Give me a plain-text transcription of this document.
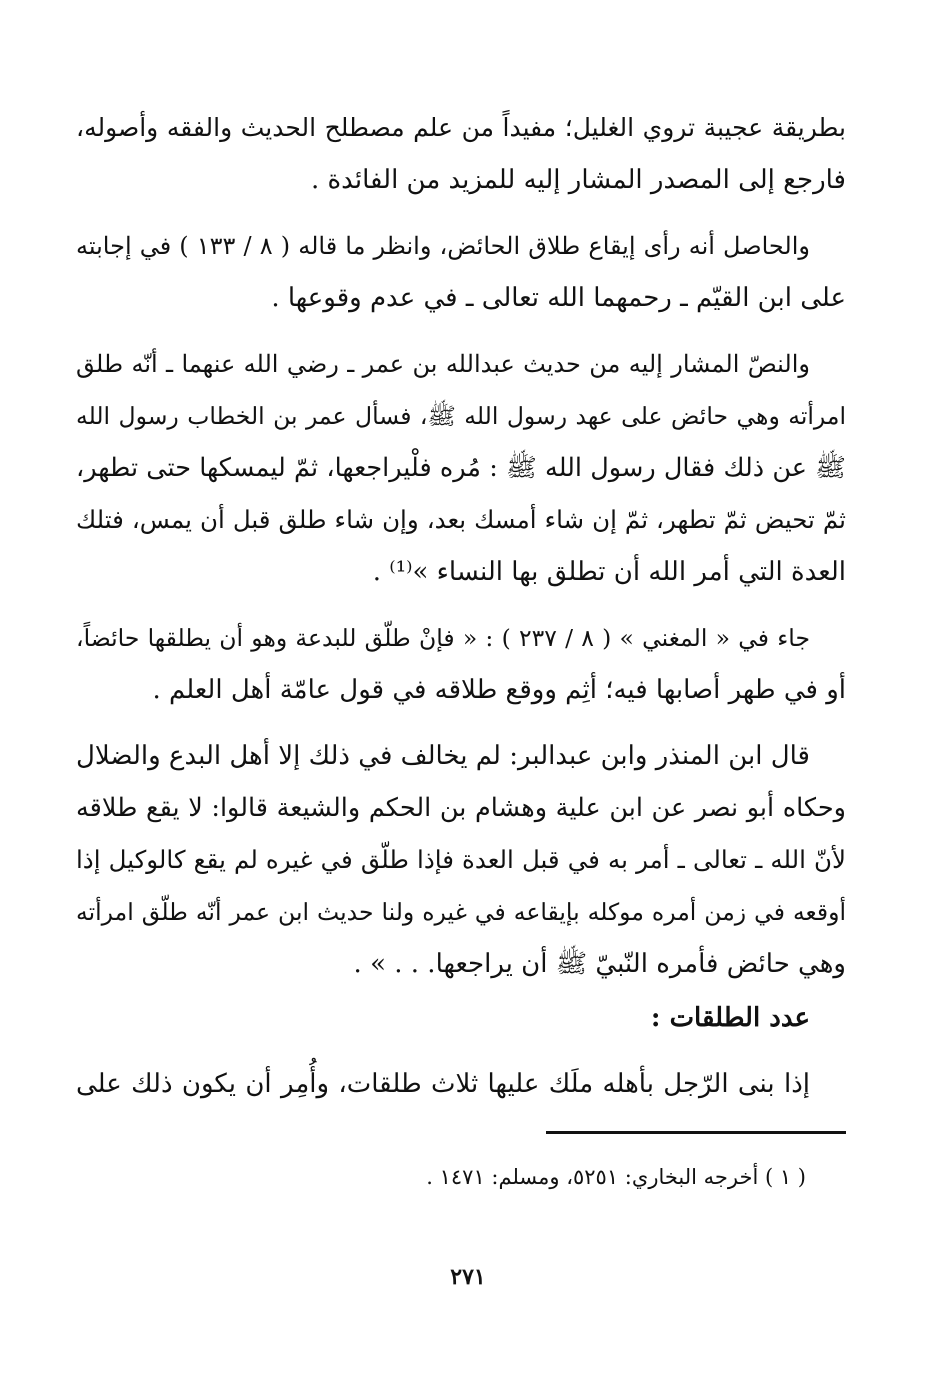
بطريقة عجيبة تروي الغليل؛ مفيداً من علم مصطلح الحديث والفقه وأصوله،
فارجع إلى المصدر المشار إليه للمزيد من الفائدة .
والحاصل أنه رأى إيقاع طلاق الحائض، وانظر ما قاله ( ٨ / ١٣٣ ) في إجابته
على ابن القيّم ـ رحمهما الله تعالى ـ في عدم وقوعها .
والنصّ المشار إليه من حديث عبدالله بن عمر ـ رضي الله عنهما ـ أنّه طلق
امرأته وهي حائض على عهد رسول الله ﷺ، فسأل عمر بن الخطاب رسول الله
ﷺ عن ذلك فقال رسول الله ﷺ : مُره فلْيراجعها، ثمّ ليمسكها حتى تطهر،
ثمّ تحيض ثمّ تطهر، ثمّ إن شاء أمسك بعد، وإن شاء طلق قبل أن يمس، فتلك
العدة التي أمر الله أن تطلق بها النساء »⁽¹⁾ .
جاء في « المغني » ( ٨ / ٢٣٧ ) : « فإنْ طلّق للبدعة وهو أن يطلقها حائضاً،
أو في طهر أصابها فيه؛ أثِم ووقع طلاقه في قول عامّة أهل العلم .
قال ابن المنذر وابن عبدالبر: لم يخالف في ذلك إلا أهل البدع والضلال
وحكاه أبو نصر عن ابن علية وهشام بن الحكم والشيعة قالوا: لا يقع طلاقه
لأنّ الله ـ تعالى ـ أمر به في قبل العدة فإذا طلّق في غيره لم يقع كالوكيل إذا
أوقعه في زمن أمره موكله بإيقاعه في غيره ولنا حديث ابن عمر أنّه طلّق امرأته
وهي حائض فأمره النّبيّ ﷺ أن يراجعها. . . » .
عدد الطلقات :
إذا بنى الرّجل بأهله ملَك عليها ثلاث طلقات، وأُمِر أن يكون ذلك على
( ١ ) أخرجه البخاري: ٥٢٥١، ومسلم: ١٤٧١ .
٢٧١
